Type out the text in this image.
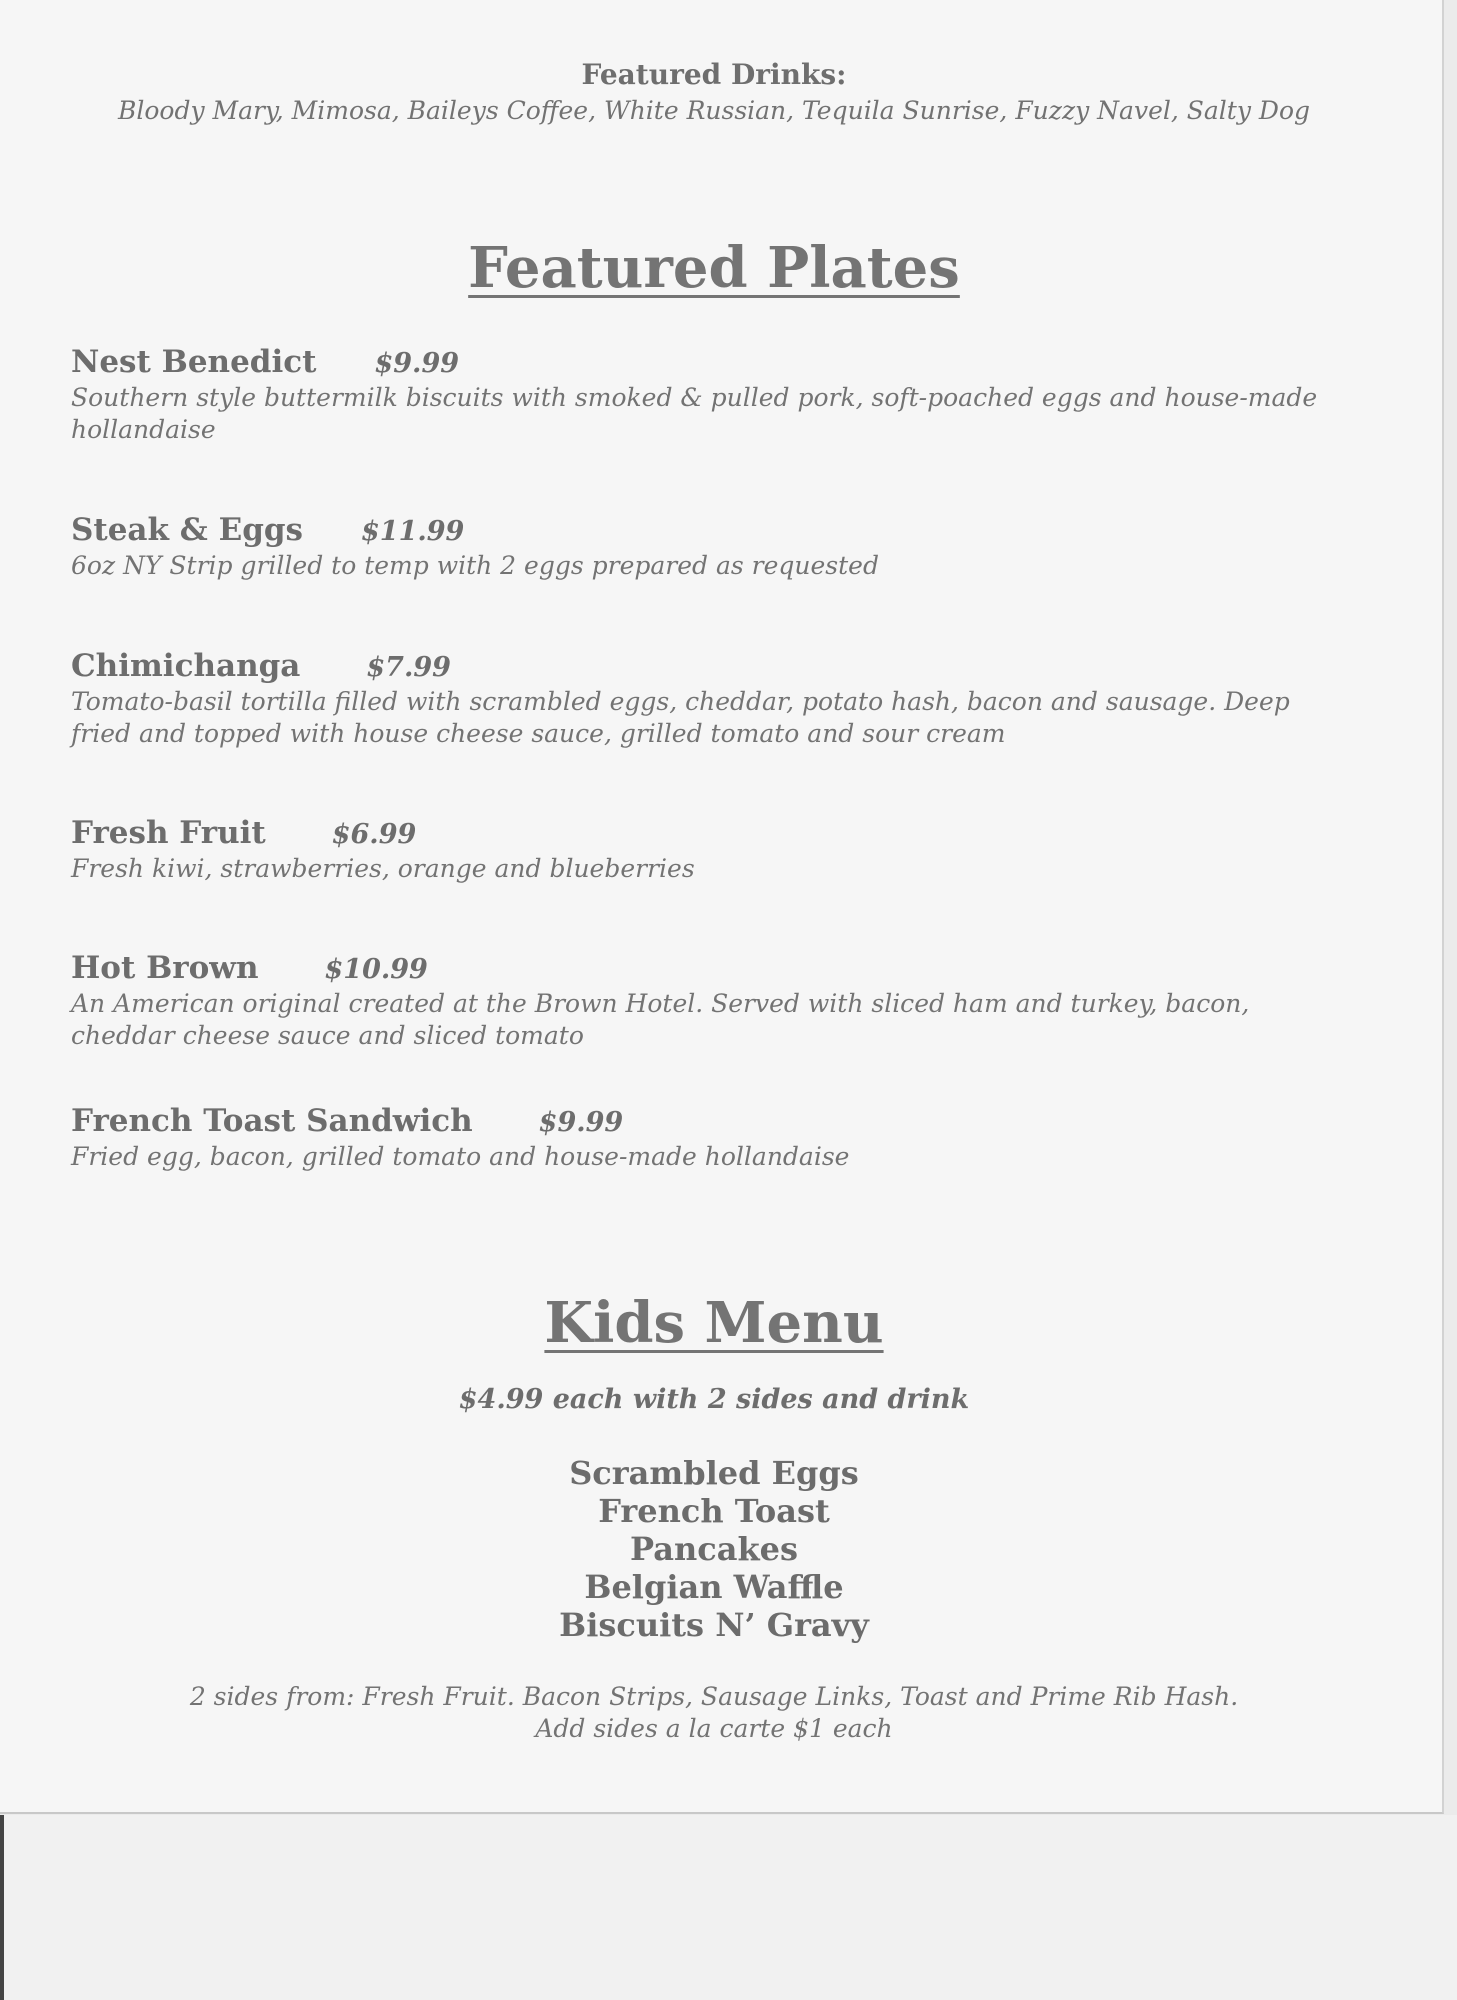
Featured Drinks:
Bloody Mary, Mimosa, Baileys Coffee, White Russian, Tequila Sunrise, Fuzzy Navel, Salty Dog
Featured Plates
Nest Benedict $9.99
Southern style buttermilk biscuits with smoked & pulled pork, soft-poached eggs and house-made hollandaise
Steak & Eggs $11.99
6oz NY Strip grilled to temp with 2 eggs prepared as requested
Chimichanga $7.99
Tomato-basil tortilla filled with scrambled eggs, cheddar, potato hash, bacon and sausage. Deep fried and topped with house cheese sauce, grilled tomato and sour cream
Fresh Fruit $6.99
Fresh kiwi, strawberries, orange and blueberries
Hot Brown $10.99
An American original created at the Brown Hotel. Served with sliced ham and turkey, bacon, cheddar cheese sauce and sliced tomato
French Toast Sandwich $9.99
Fried egg, bacon, grilled tomato and house-made hollandaise
Kids Menu
$4.99 each with 2 sides and drink
Scrambled Eggs
French Toast
Pancakes
Belgian Waffle
Biscuits N’ Gravy
2 sides from: Fresh Fruit. Bacon Strips, Sausage Links, Toast and Prime Rib Hash.
Add sides a la carte $1 each
